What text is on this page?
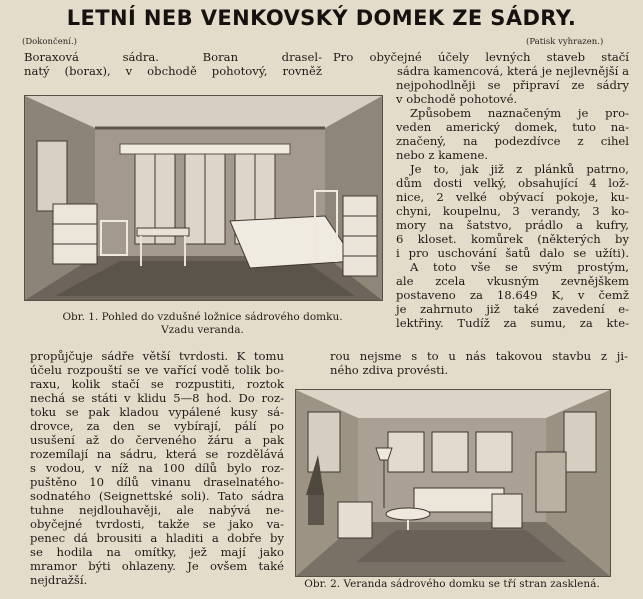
LETNÍ NEB VENKOVSKÝ DOMEK ZE SÁDRY.
(Dokončení.)	(Patisk vyhrazen.)
Boraxová sádra. Boran drasel-
natý (borax), v obchodě pohotový, rovněž
Pro obyčejné účely levných staveb stačí
sádra kamencová, která je nejlevnější a
nejpohodlněji se připraví ze sádry
v obchodě pohotové.
Způsobem naznačeným je pro-
veden americký domek, tuto na-
značený, na podezdívce z cihel
nebo z kamene.
Je to, jak již z plánků patrno,
dům dosti velký, obsahující 4 lož-
nice, 2 velké obývací pokoje, ku-
chyni, koupelnu, 3 verandy, 3 ko-
mory na šatstvo, prádlo a kufry,
6 kloset. komůrek (některých by
i pro uschování šatů dalo se užíti).
A toto vše se svým prostým,
ale zcela vkusným zevnějškem
postaveno za 18.649 K, v čemž
je zahrnuto již také zavedení e-
lektřiny. Tudíž za sumu, za kte-
Obr. 1. Pohled do vzdušné ložnice sádrového domku.
Vzadu veranda.
propůjčuje sádře větší tvrdosti. K tomu
účelu rozpouští se ve vařící vodě tolik bo-
raxu, kolik stačí se rozpustiti, roztok
nechá se státi v klidu 5—8 hod. Do roz-
toku se pak kladou vypálené kusy sá-
drovce, za den se vybírají, pálí po
usušení až do červeného žáru a pak
rozemílají na sádru, která se rozdělává
s vodou, v níž na 100 dílů bylo roz-
puštěno 10 dílů vinanu draselnatého-
sodnatého (Seignettské soli). Tato sádra
tuhne nejdlouhavěji, ale nabývá ne-
obyčejné tvrdosti, takže se jako va-
penec dá brousiti a hladiti a dobře by
se hodila na omítky, jež mají jako
mramor býti ohlazeny. Je ovšem také
nejdražší.
rou nejsme s to u nás takovou stavbu z ji-
ného zdiva provésti.
Obr. 2. Veranda sádrového domku se tří stran zasklená.
